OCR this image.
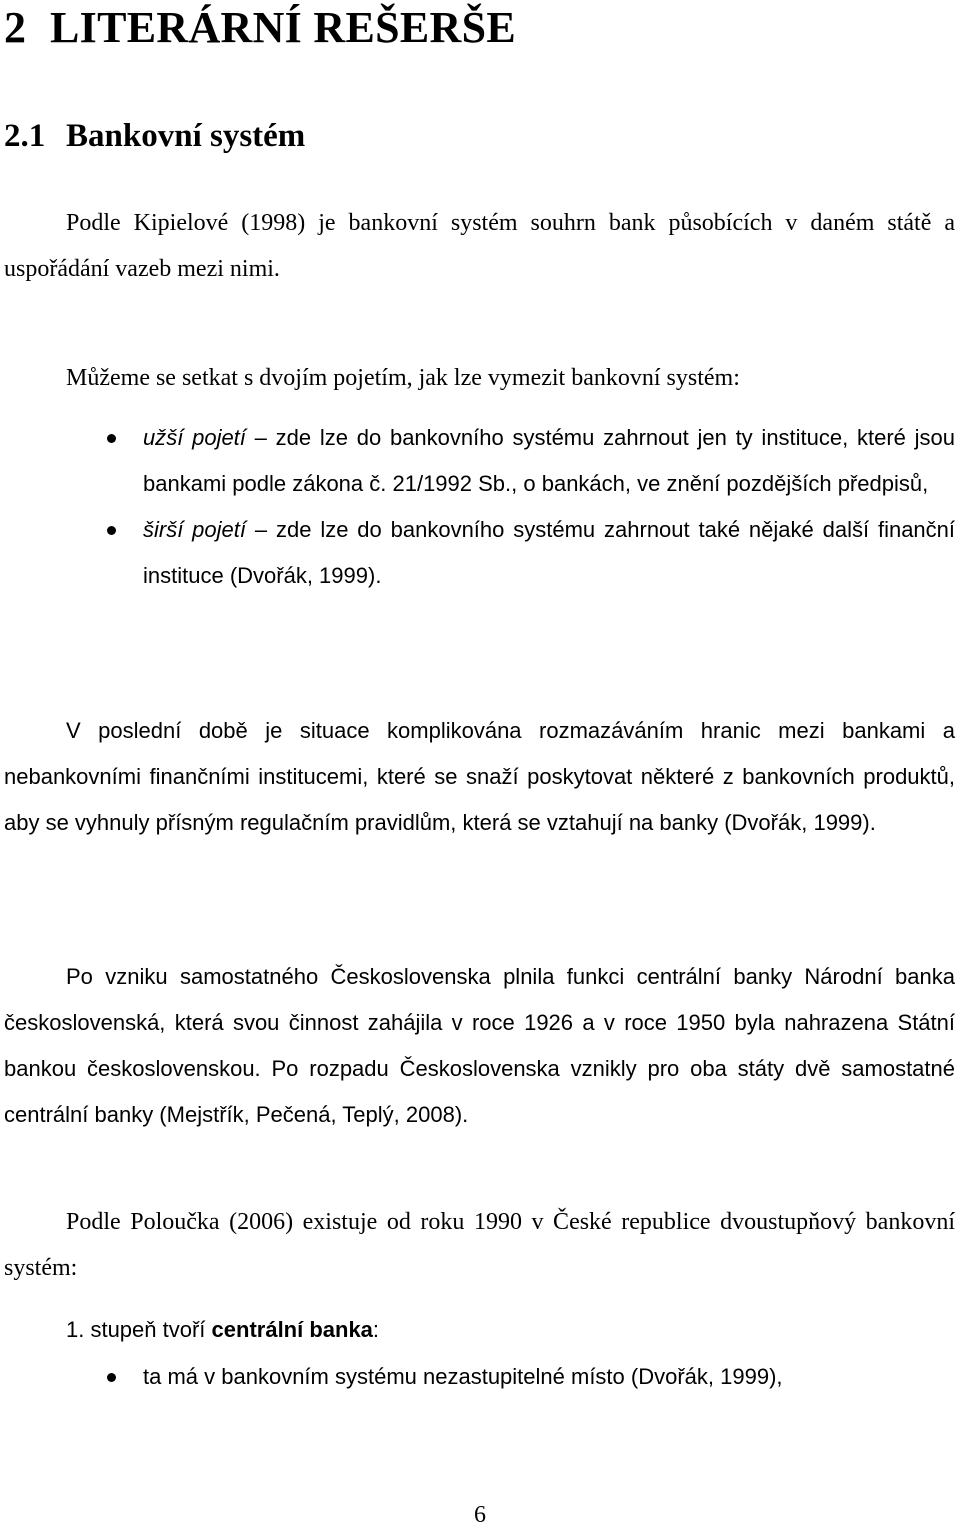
2 LITERÁRNÍ REŠERŠE
2.1 Bankovní systém

Podle Kipielové (1998) je bankovní systém souhrn bank působících v daném státě a uspořádání vazeb mezi nimi.

Můžeme se setkat s dvojím pojetím, jak lze vymezit bankovní systém:

užší pojetí – zde lze do bankovního systému zahrnout jen ty instituce, které jsou bankami podle zákona č. 21/1992 Sb., o bankách, ve znění pozdějších předpisů,
širší pojetí – zde lze do bankovního systému zahrnout také nějaké další finanční instituce (Dvořák, 1999).

V poslední době je situace komplikována rozmazáváním hranic mezi bankami a nebankovními finančními institucemi, které se snaží poskytovat některé z bankovních produktů, aby se vyhnuly přísným regulačním pravidlům, která se vztahují na banky (Dvořák, 1999).

Po vzniku samostatného Československa plnila funkci centrální banky Národní banka československá, která svou činnost zahájila v roce 1926 a v roce 1950 byla nahrazena Státní bankou československou. Po rozpadu Československa vznikly pro oba státy dvě samostatné centrální banky (Mejstřík, Pečená, Teplý, 2008).

Podle Poloučka (2006) existuje od roku 1990 v České republice dvoustupňový bankovní systém:

1. stupeň tvoří centrální banka:

ta má v bankovním systému nezastupitelné místo (Dvořák, 1999),
6
